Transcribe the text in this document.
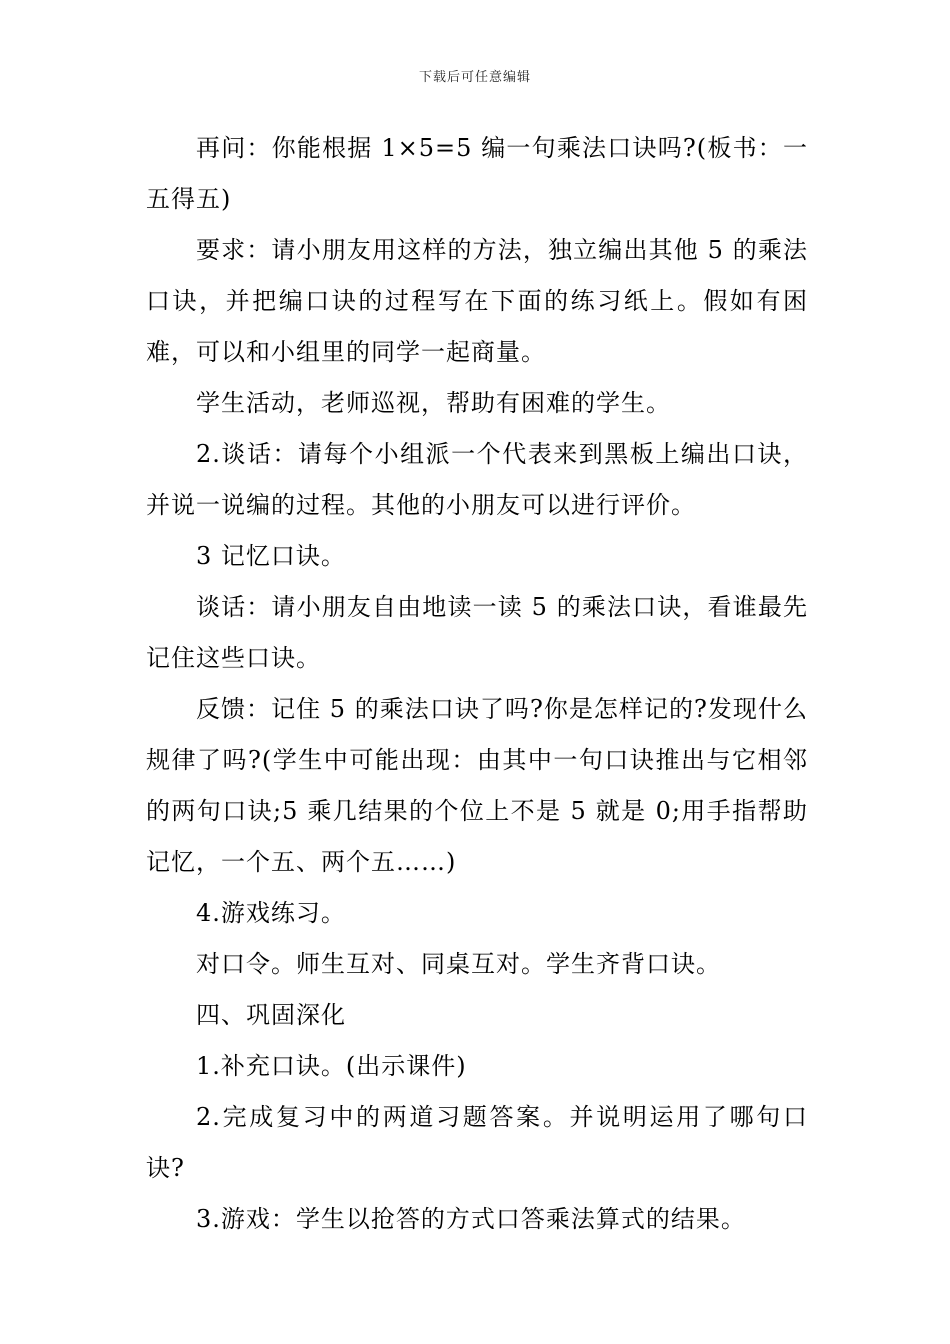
下载后可任意编辑

再问：你能根据 1×5=5 编一句乘法口诀吗?(板书：一五得五)

要求：请小朋友用这样的方法，独立编出其他 5 的乘法口诀，并把编口诀的过程写在下面的练习纸上。假如有困难，可以和小组里的同学一起商量。

学生活动，老师巡视，帮助有困难的学生。

2.谈话：请每个小组派一个代表来到黑板上编出口诀，并说一说编的过程。其他的小朋友可以进行评价。

3 记忆口诀。

谈话：请小朋友自由地读一读 5 的乘法口诀，看谁最先记住这些口诀。

反馈：记住 5 的乘法口诀了吗?你是怎样记的?发现什么规律了吗?(学生中可能出现：由其中一句口诀推出与它相邻的两句口诀;5 乘几结果的个位上不是 5 就是 0;用手指帮助记忆，一个五、两个五……)

4.游戏练习。

对口令。师生互对、同桌互对。学生齐背口诀。

四、巩固深化

1.补充口诀。(出示课件)

2.完成复习中的两道习题答案。并说明运用了哪句口诀?

3.游戏：学生以抢答的方式口答乘法算式的结果。
